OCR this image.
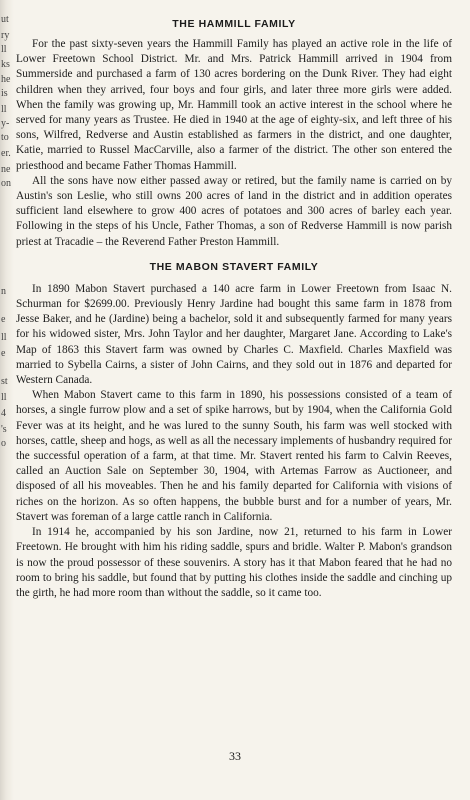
ut
ry
ll
ks
he
is
ll
y-
to
er.
ne
on
n
e
ll
e
st
ll
4
's
o
THE HAMMILL FAMILY

For the past sixty-seven years the Hammill Family has played an active role in the life of Lower Freetown School District. Mr. and Mrs. Patrick Hammill arrived in 1904 from Summerside and purchased a farm of 130 acres bordering on the Dunk River. They had eight children when they arrived, four boys and four girls, and later three more girls were added. When the family was growing up, Mr. Hammill took an active interest in the school where he served for many years as Trustee. He died in 1940 at the age of eighty-six, and left three of his sons, Wilfred, Redverse and Austin established as farmers in the district, and one daughter, Katie, married to Russel MacCarville, also a farmer of the district. The other son entered the priesthood and became Father Thomas Hammill.

All the sons have now either passed away or retired, but the family name is carried on by Austin's son Leslie, who still owns 200 acres of land in the district and in addition operates sufficient land elsewhere to grow 400 acres of potatoes and 300 acres of barley each year. Following in the steps of his Uncle, Father Thomas, a son of Redverse Hammill is now parish priest at Tracadie – the Reverend Father Preston Hammill.

THE MABON STAVERT FAMILY

In 1890 Mabon Stavert purchased a 140 acre farm in Lower Freetown from Isaac N. Schurman for $2699.00. Previously Henry Jardine had bought this same farm in 1878 from Jesse Baker, and he (Jardine) being a bachelor, sold it and subsequently farmed for many years for his widowed sister, Mrs. John Taylor and her daughter, Margaret Jane. According to Lake's Map of 1863 this Stavert farm was owned by Charles C. Maxfield. Charles Maxfield was married to Sybella Cairns, a sister of John Cairns, and they sold out in 1876 and departed for Western Canada.

When Mabon Stavert came to this farm in 1890, his possessions consisted of a team of horses, a single furrow plow and a set of spike harrows, but by 1904, when the California Gold Fever was at its height, and he was lured to the sunny South, his farm was well stocked with horses, cattle, sheep and hogs, as well as all the necessary implements of husbandry required for the successful operation of a farm, at that time. Mr. Stavert rented his farm to Calvin Reeves, called an Auction Sale on September 30, 1904, with Artemas Farrow as Auctioneer, and disposed of all his moveables. Then he and his family departed for California with visions of riches on the horizon. As so often happens, the bubble burst and for a number of years, Mr. Stavert was foreman of a large cattle ranch in California.

In 1914 he, accompanied by his son Jardine, now 21, returned to his farm in Lower Freetown. He brought with him his riding saddle, spurs and bridle. Walter P. Mabon's grandson is now the proud possessor of these souvenirs. A story has it that Mabon feared that he had no room to bring his saddle, but found that by putting his clothes inside the saddle and cinching up the girth, he had more room than without the saddle, so it came too.

33
